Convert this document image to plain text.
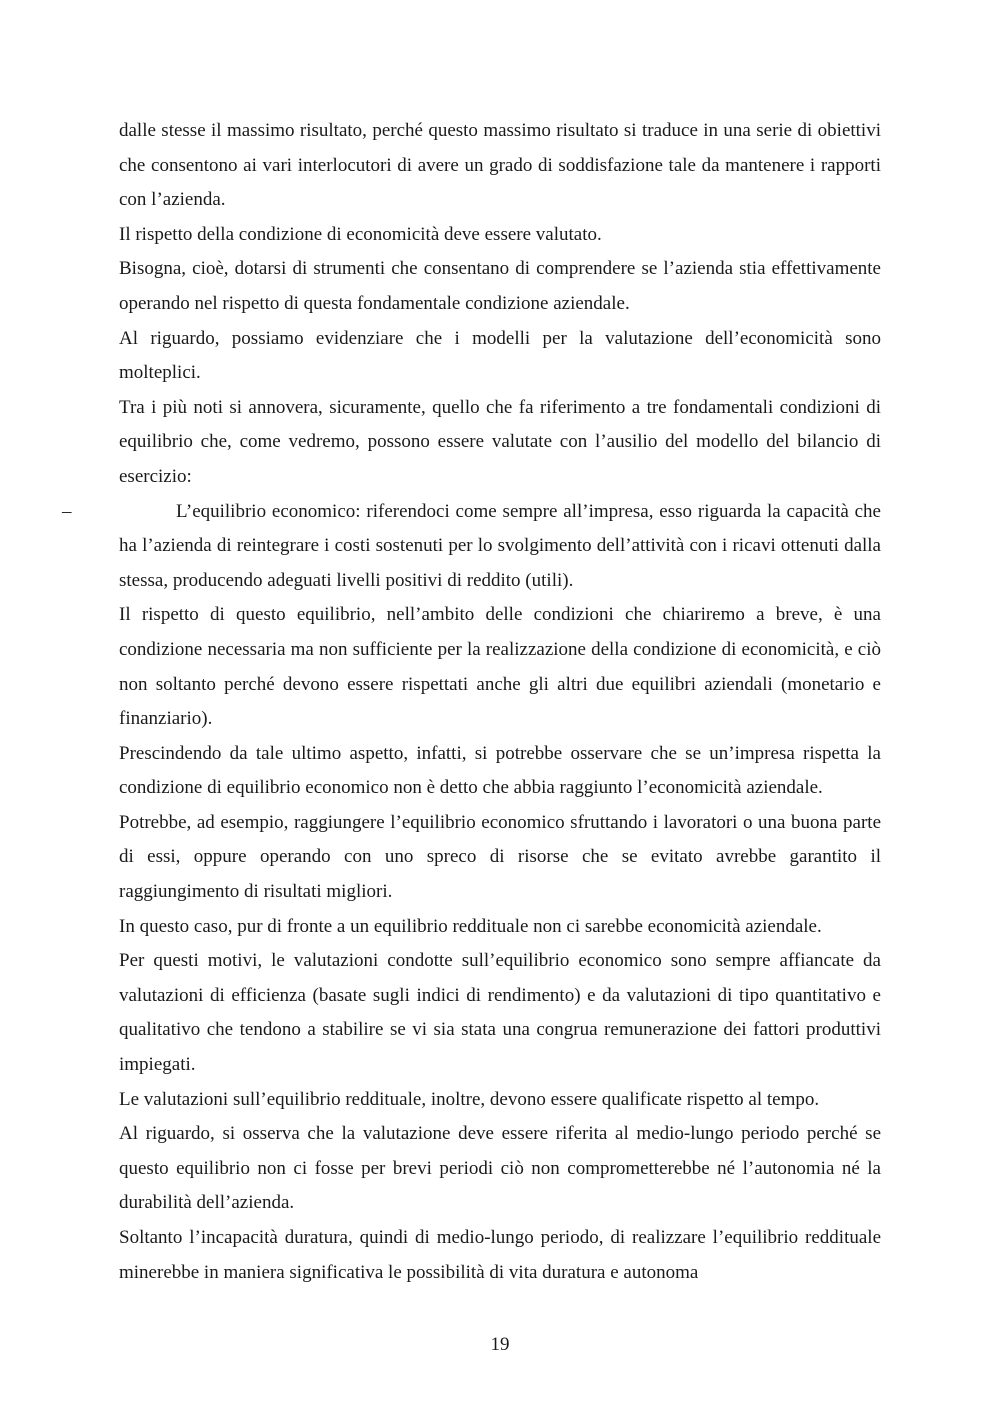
dalle stesse il massimo risultato, perché questo massimo risultato si traduce in una serie di obiettivi che consentono ai vari interlocutori di avere un grado di soddisfazione tale da mantenere i rapporti con l’azienda.

Il rispetto della condizione di economicità deve essere valutato.

Bisogna, cioè, dotarsi di strumenti che consentano di comprendere se l’azienda stia effettivamente operando nel rispetto di questa fondamentale condizione aziendale.

Al riguardo, possiamo evidenziare che i modelli per la valutazione dell’economicità sono molteplici.

Tra i più noti si annovera, sicuramente, quello che fa riferimento a tre fondamentali condizioni di equilibrio che, come vedremo, possono essere valutate con l’ausilio del modello del bilancio di esercizio:

–	L’equilibrio economico: riferendoci come sempre all’impresa, esso riguarda la capacità che ha l’azienda di reintegrare i costi sostenuti per lo svolgimento dell’attività con i ricavi ottenuti dalla stessa, producendo adeguati livelli positivi di reddito (utili).

Il rispetto di questo equilibrio, nell’ambito delle condizioni che chiariremo a breve, è una condizione necessaria ma non sufficiente per la realizzazione della condizione di economicità, e ciò non soltanto perché devono essere rispettati anche gli altri due equilibri aziendali (monetario e finanziario).

Prescindendo da tale ultimo aspetto, infatti, si potrebbe osservare che se un’impresa rispetta la condizione di equilibrio economico non è detto che abbia raggiunto l’economicità aziendale.

Potrebbe, ad esempio, raggiungere l’equilibrio economico sfruttando i lavoratori o una buona parte di essi, oppure operando con uno spreco di risorse che se evitato avrebbe garantito il raggiungimento di risultati migliori.

In questo caso, pur di fronte a un equilibrio reddituale non ci sarebbe economicità aziendale.

Per questi motivi, le valutazioni condotte sull’equilibrio economico sono sempre affiancate da valutazioni di efficienza (basate sugli indici di rendimento) e da valutazioni di tipo quantitativo e qualitativo che tendono a stabilire se vi sia stata una congrua remunerazione dei fattori produttivi impiegati.

Le valutazioni sull’equilibrio reddituale, inoltre, devono essere qualificate rispetto al tempo.

Al riguardo, si osserva che la valutazione deve essere riferita al medio-lungo periodo perché se questo equilibrio non ci fosse per brevi periodi ciò non comprometterebbe né l’autonomia né la durabilità dell’azienda.

Soltanto l’incapacità duratura, quindi di medio-lungo periodo, di realizzare l’equilibrio reddituale minerebbe in maniera significativa le possibilità di vita duratura e autonoma

19
